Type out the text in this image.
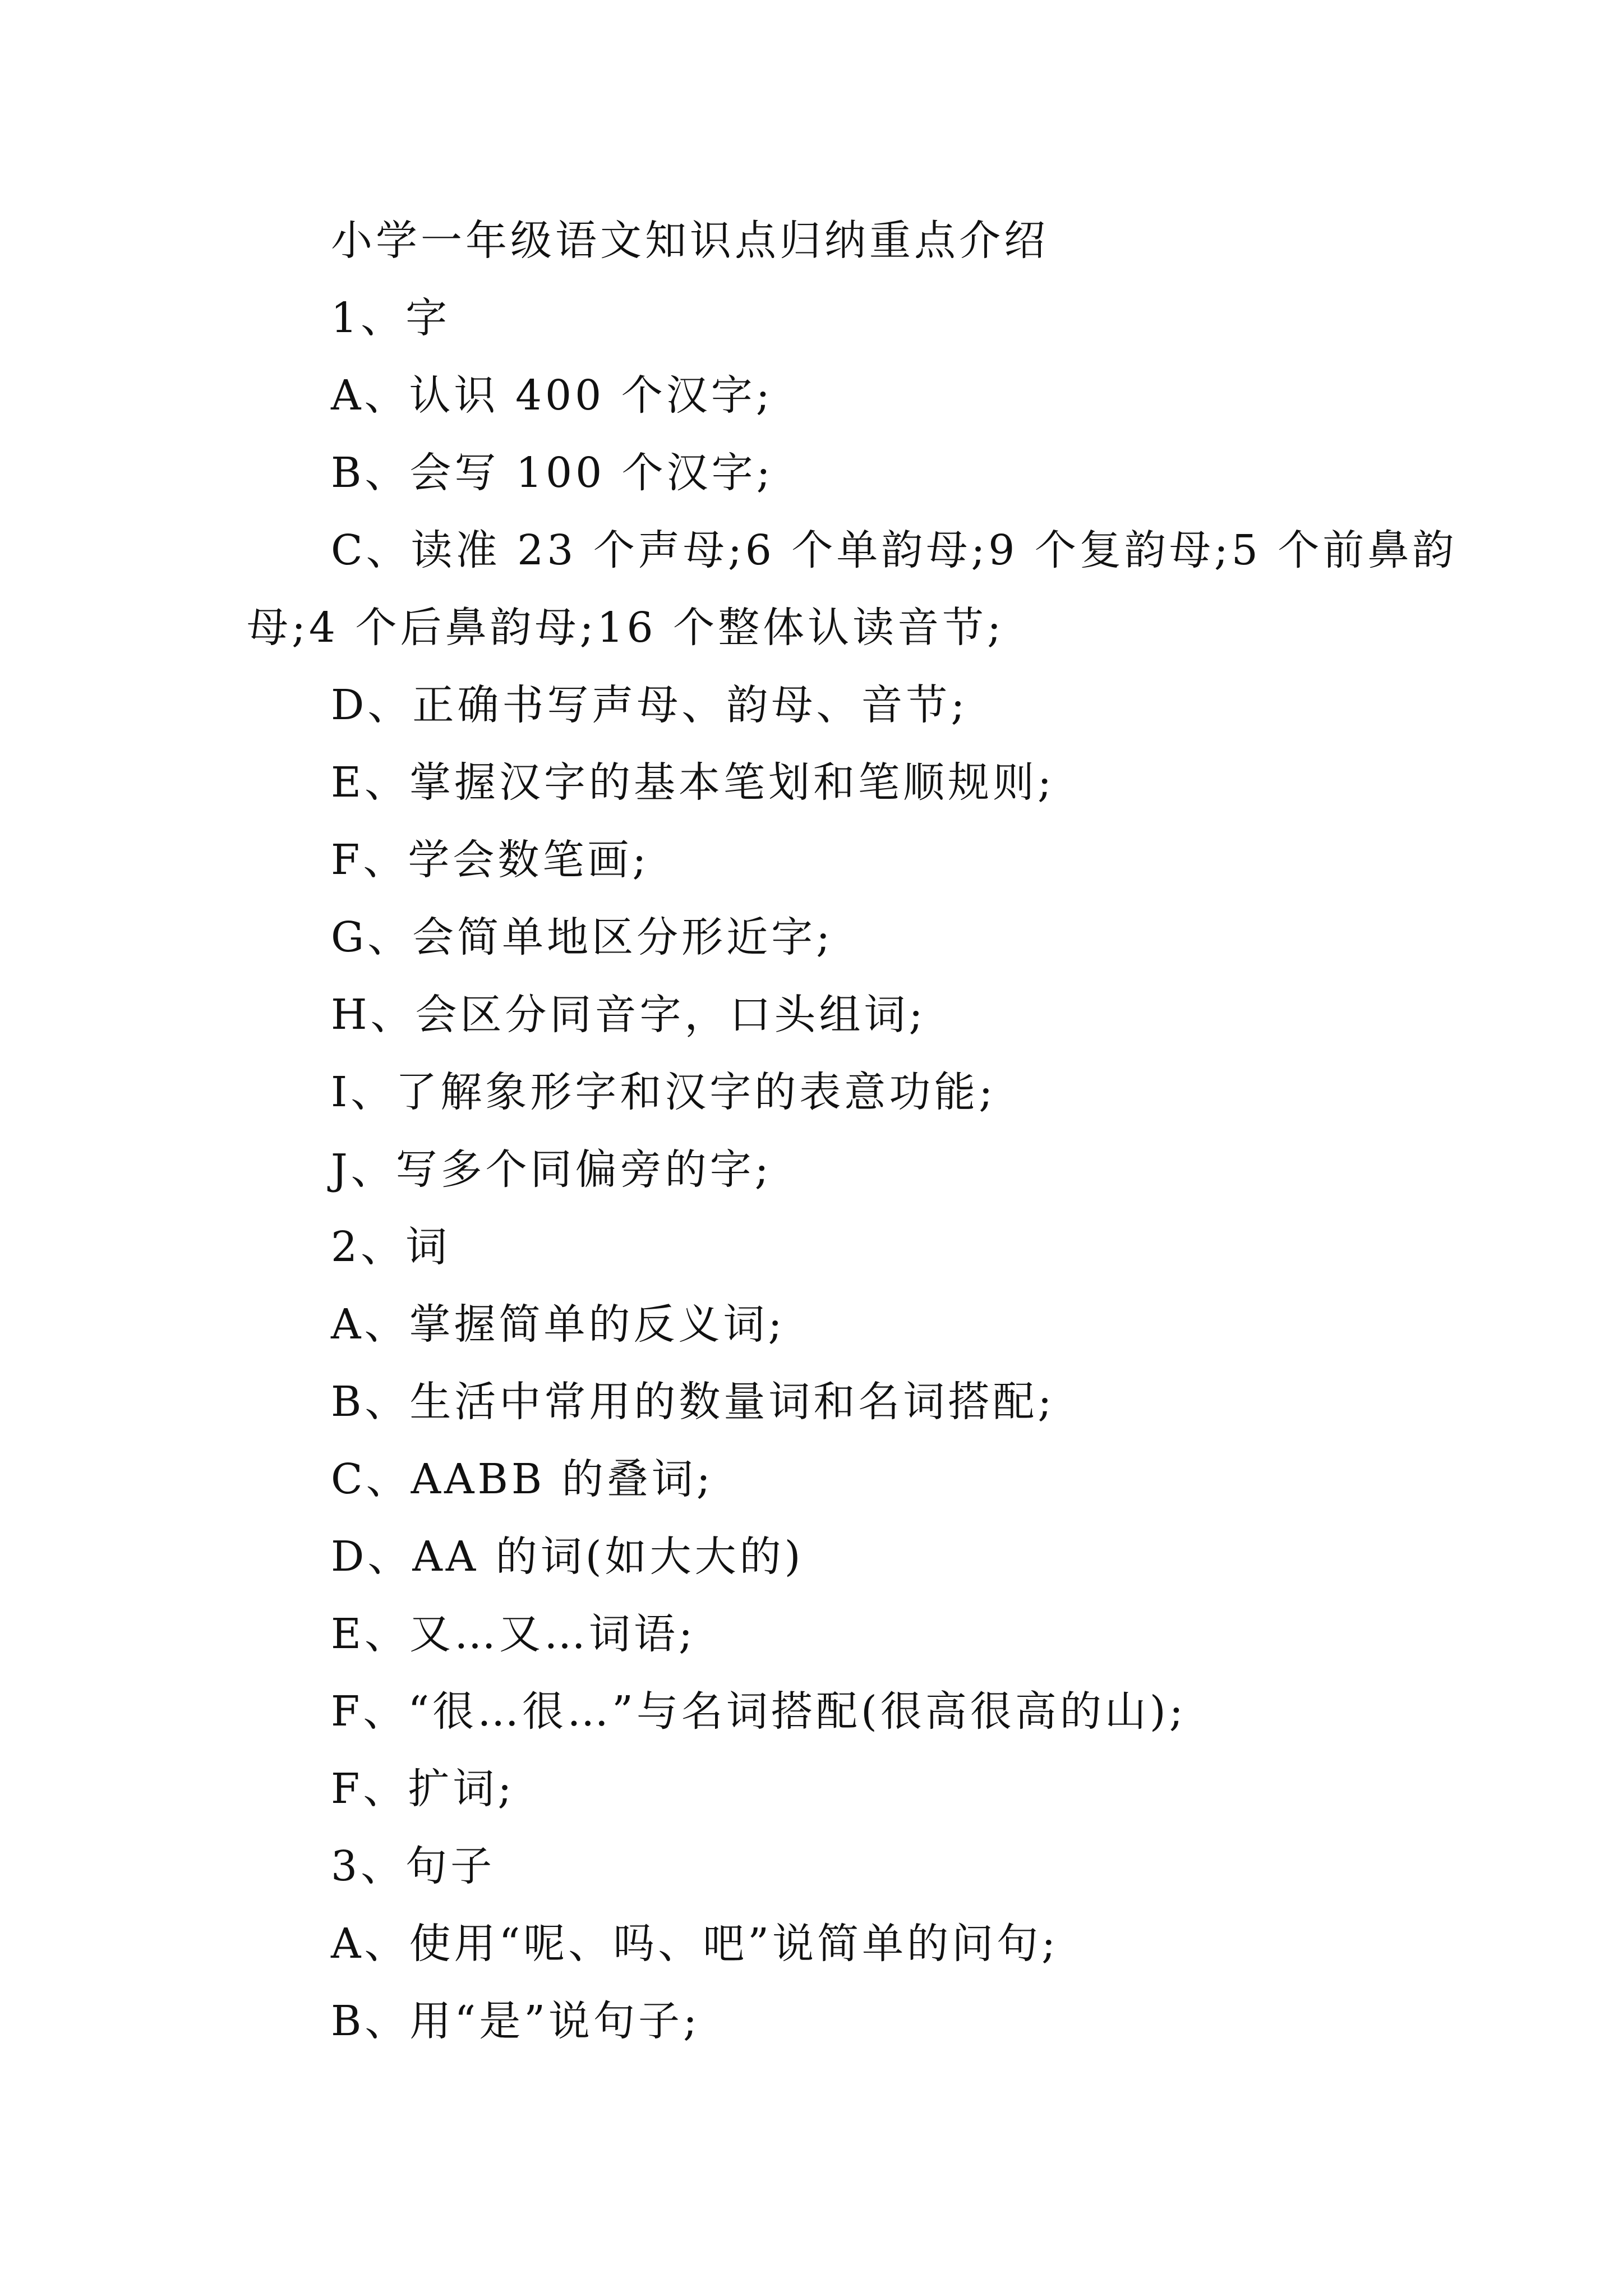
小学一年级语文知识点归纳重点介绍
1、字
A、认识 400 个汉字;
B、会写 100 个汉字;
C、读准 23 个声母;6 个单韵母;9 个复韵母;5 个前鼻韵
母;4 个后鼻韵母;16 个整体认读音节;
D、正确书写声母、韵母、音节;
E、掌握汉字的基本笔划和笔顺规则;
F、学会数笔画;
G、会简单地区分形近字;
H、会区分同音字，口头组词;
I、了解象形字和汉字的表意功能;
J、写多个同偏旁的字;
2、词
A、掌握简单的反义词;
B、生活中常用的数量词和名词搭配;
C、AABB 的叠词;
D、AA 的词(如大大的)
E、又…又…词语;
F、“很…很…”与名词搭配(很高很高的山);
F、扩词;
3、句子
A、使用“呢、吗、吧”说简单的问句;
B、用“是”说句子;
